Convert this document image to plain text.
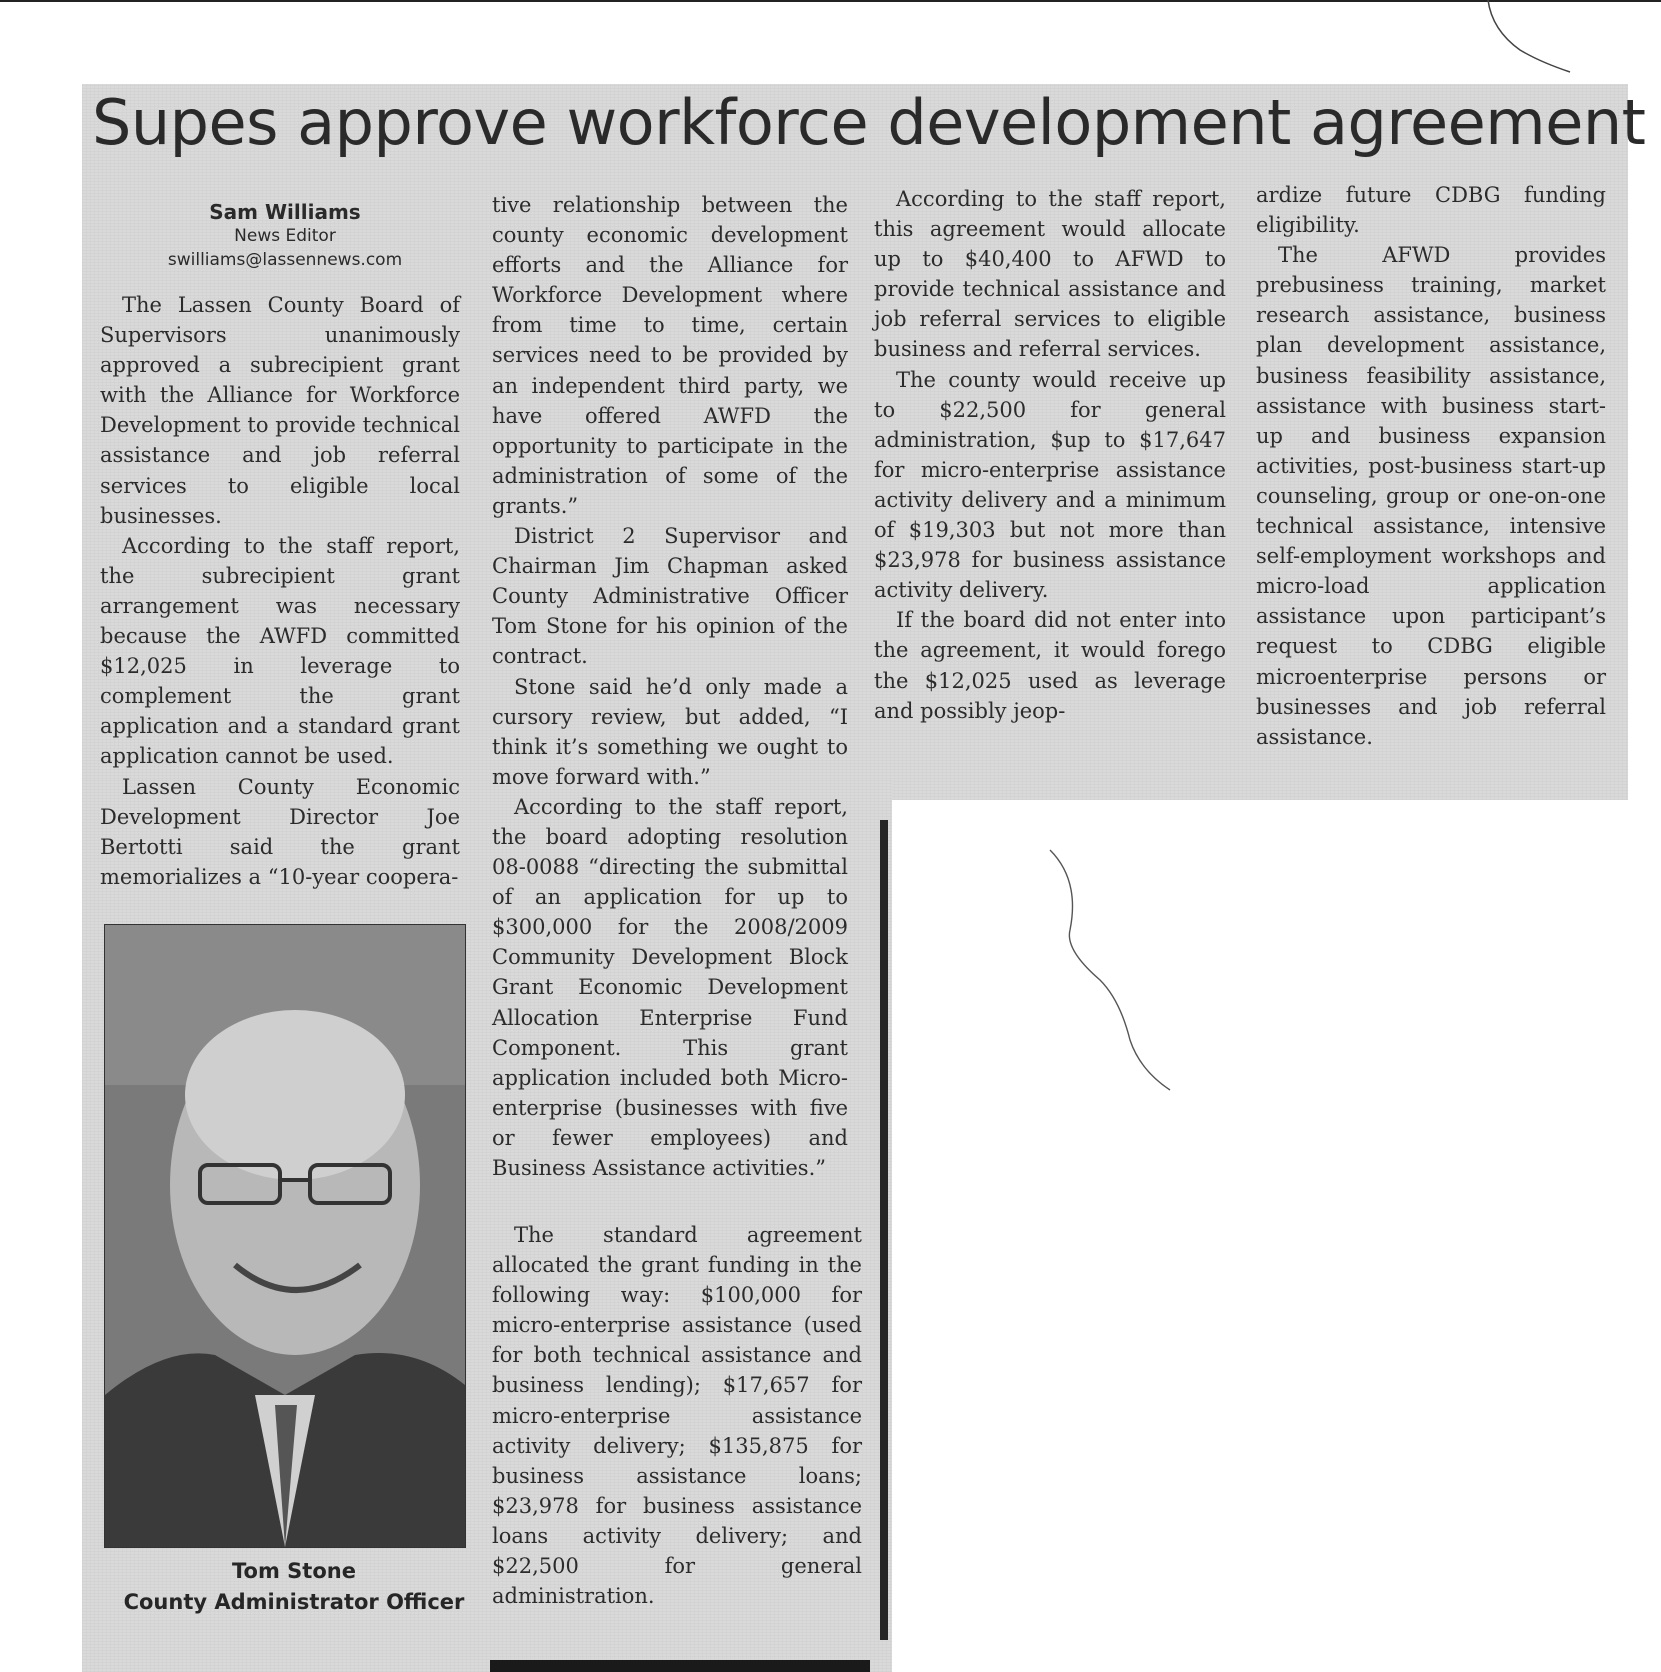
Supes approve workforce development agreement
Sam Williams
News Editor
swilliams@lassennews.com

The Lassen County Board of Supervisors unanimously approved a subrecipient grant with the Alliance for Workforce Development to provide technical assistance and job referral services to eligible local businesses.

According to the staff report, the subrecipient grant arrangement was necessary because the AWFD committed $12,025 in leverage to complement the grant application and a standard grant application cannot be used.

Lassen County Economic Development Director Joe Bertotti said the grant memorializes a “10-year coopera-

tive relationship between the county economic development efforts and the Alliance for Workforce Development where from time to time, certain services need to be provided by an independent third party, we have offered AWFD the opportunity to participate in the administration of some of the grants.”

District 2 Supervisor and Chairman Jim Chapman asked County Administrative Officer Tom Stone for his opinion of the contract.

Stone said he’d only made a cursory review, but added, “I think it’s something we ought to move forward with.”

According to the staff report, the board adopting resolution 08-0088 “directing the submittal of an application for up to $300,000 for the 2008/2009 Community Development Block Grant Economic Development Allocation Enterprise Fund Component. This grant application included both Micro-enterprise (businesses with five or fewer employees) and Business Assistance activities.”

The standard agreement allocated the grant funding in the following way: $100,000 for micro-enterprise assistance (used for both technical assistance and business lending); $17,657 for micro-enterprise assistance activity delivery; $135,875 for business assistance loans; $23,978 for business assistance loans activity delivery; and $22,500 for general administration.

According to the staff report, this agreement would allocate up to $40,400 to AFWD to provide technical assistance and job referral services to eligible business and referral services.

The county would receive up to $22,500 for general administration, $up to $17,647 for micro-enterprise assistance activity delivery and a minimum of $19,303 but not more than $23,978 for business assistance activity delivery.

If the board did not enter into the agreement, it would forego the $12,025 used as leverage and possibly jeop-

ardize future CDBG funding eligibility.

The AFWD provides prebusiness training, market research assistance, business plan development assistance, business feasibility assistance, assistance with business start-up and business expansion activities, post-business start-up counseling, group or one-on-one technical assistance, intensive self-employment workshops and micro-load application assistance upon participant’s request to CDBG eligible microenterprise persons or businesses and job referral assistance.

Tom Stone
County Administrator Officer
